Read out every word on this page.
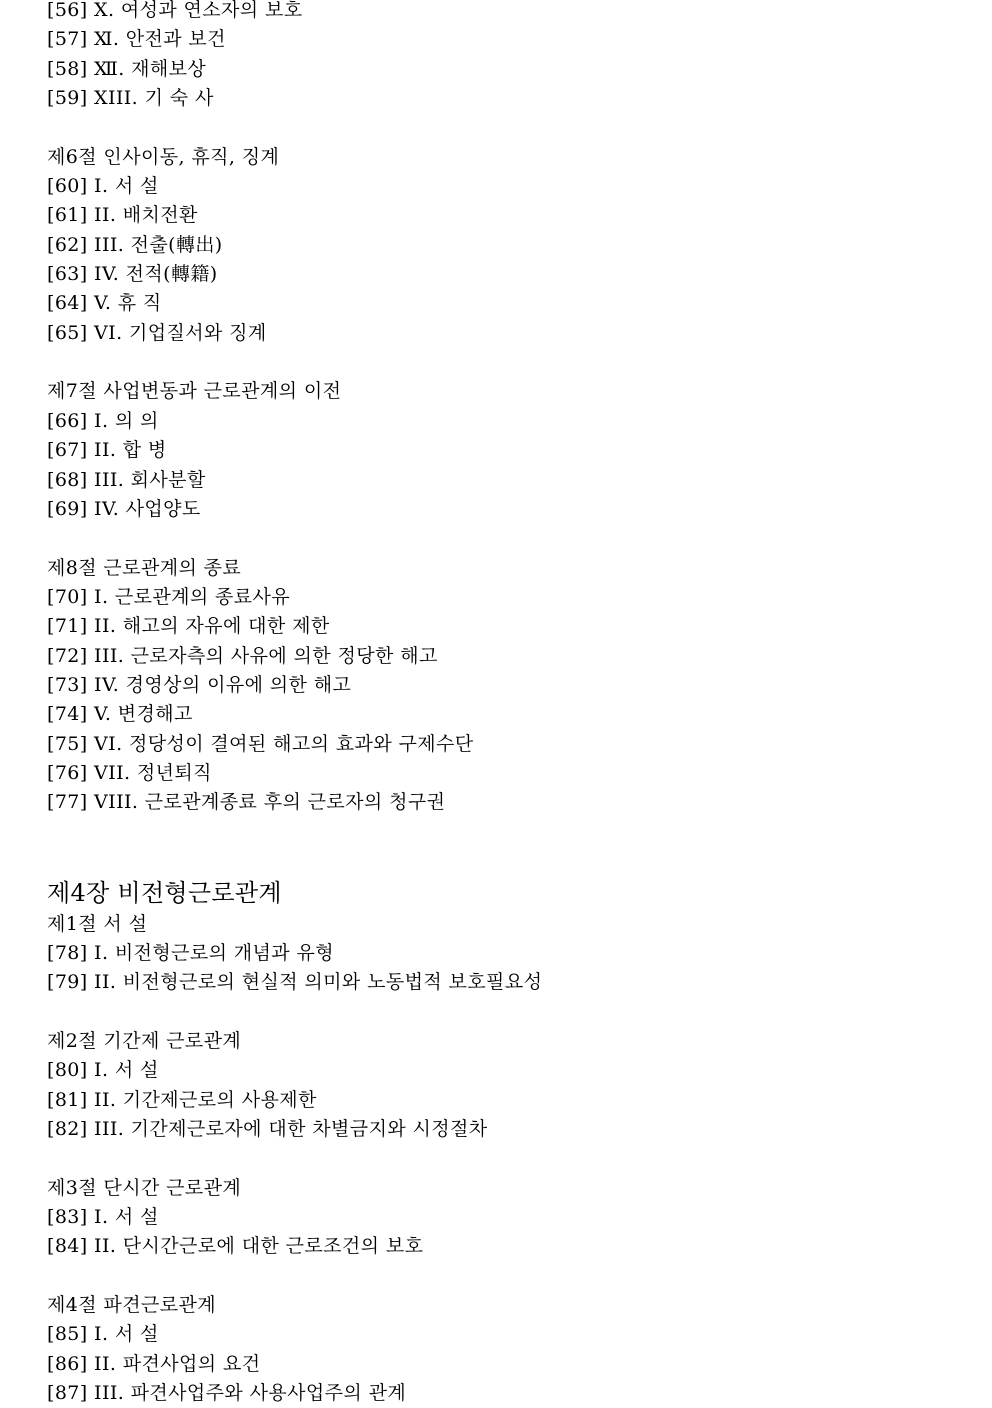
[56] X. 여성과 연소자의 보호
[57] Ⅺ. 안전과 보건
[58] Ⅻ. 재해보상
[59] XIII. 기 숙 사
제6절 인사이동, 휴직, 징계
[60] I. 서 설
[61] II. 배치전환
[62] III. 전출(轉出)
[63] IV. 전적(轉籍)
[64] V. 휴 직
[65] VI. 기업질서와 징계
제7절 사업변동과 근로관계의 이전
[66] I. 의 의
[67] II. 합 병
[68] III. 회사분할
[69] IV. 사업양도
제8절 근로관계의 종료
[70] I. 근로관계의 종료사유
[71] II. 해고의 자유에 대한 제한
[72] III. 근로자측의 사유에 의한 정당한 해고
[73] IV. 경영상의 이유에 의한 해고
[74] V. 변경해고
[75] VI. 정당성이 결여된 해고의 효과와 구제수단
[76] VII. 정년퇴직
[77] VIII. 근로관계종료 후의 근로자의 청구권
제4장 비전형근로관계
제1절 서 설
[78] I. 비전형근로의 개념과 유형
[79] II. 비전형근로의 현실적 의미와 노동법적 보호필요성
제2절 기간제 근로관계
[80] I. 서 설
[81] II. 기간제근로의 사용제한
[82] III. 기간제근로자에 대한 차별금지와 시정절차
제3절 단시간 근로관계
[83] I. 서 설
[84] II. 단시간근로에 대한 근로조건의 보호
제4절 파견근로관계
[85] I. 서 설
[86] II. 파견사업의 요건
[87] III. 파견사업주와 사용사업주의 관계
